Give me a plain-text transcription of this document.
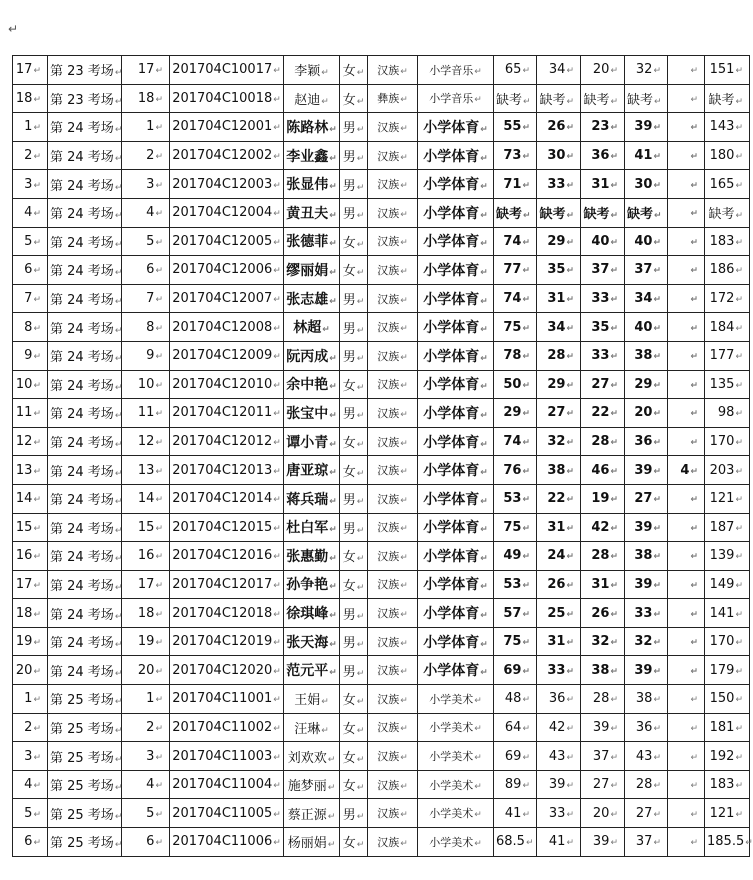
↵
17↵	第 23 考场↵	17↵	201704C10017↵	李颖↵	女↵	汉族↵	小学音乐↵	65↵	34↵	20↵	32↵	↵	151↵
18↵	第 23 考场↵	18↵	201704C10018↵	赵迪↵	女↵	彝族↵	小学音乐↵	缺考↵	缺考↵	缺考↵	缺考↵	↵	缺考↵
1↵	第 24 考场↵	1↵	201704C12001↵	陈路林↵	男↵	汉族↵	小学体育↵	55↵	26↵	23↵	39↵	↵	143↵
2↵	第 24 考场↵	2↵	201704C12002↵	李业鑫↵	男↵	汉族↵	小学体育↵	73↵	30↵	36↵	41↵	↵	180↵
3↵	第 24 考场↵	3↵	201704C12003↵	张显伟↵	男↵	汉族↵	小学体育↵	71↵	33↵	31↵	30↵	↵	165↵
4↵	第 24 考场↵	4↵	201704C12004↵	黄丑夫↵	男↵	汉族↵	小学体育↵	缺考↵	缺考↵	缺考↵	缺考↵	↵	缺考↵
5↵	第 24 考场↵	5↵	201704C12005↵	张德菲↵	女↵	汉族↵	小学体育↵	74↵	29↵	40↵	40↵	↵	183↵
6↵	第 24 考场↵	6↵	201704C12006↵	缪丽娟↵	女↵	汉族↵	小学体育↵	77↵	35↵	37↵	37↵	↵	186↵
7↵	第 24 考场↵	7↵	201704C12007↵	张志雄↵	男↵	汉族↵	小学体育↵	74↵	31↵	33↵	34↵	↵	172↵
8↵	第 24 考场↵	8↵	201704C12008↵	林超↵	男↵	汉族↵	小学体育↵	75↵	34↵	35↵	40↵	↵	184↵
9↵	第 24 考场↵	9↵	201704C12009↵	阮丙成↵	男↵	汉族↵	小学体育↵	78↵	28↵	33↵	38↵	↵	177↵
10↵	第 24 考场↵	10↵	201704C12010↵	余中艳↵	女↵	汉族↵	小学体育↵	50↵	29↵	27↵	29↵	↵	135↵
11↵	第 24 考场↵	11↵	201704C12011↵	张宝中↵	男↵	汉族↵	小学体育↵	29↵	27↵	22↵	20↵	↵	98↵
12↵	第 24 考场↵	12↵	201704C12012↵	谭小青↵	女↵	汉族↵	小学体育↵	74↵	32↵	28↵	36↵	↵	170↵
13↵	第 24 考场↵	13↵	201704C12013↵	唐亚琼↵	女↵	汉族↵	小学体育↵	76↵	38↵	46↵	39↵	4↵	203↵
14↵	第 24 考场↵	14↵	201704C12014↵	蒋兵瑞↵	男↵	汉族↵	小学体育↵	53↵	22↵	19↵	27↵	↵	121↵
15↵	第 24 考场↵	15↵	201704C12015↵	杜白军↵	男↵	汉族↵	小学体育↵	75↵	31↵	42↵	39↵	↵	187↵
16↵	第 24 考场↵	16↵	201704C12016↵	张惠勤↵	女↵	汉族↵	小学体育↵	49↵	24↵	28↵	38↵	↵	139↵
17↵	第 24 考场↵	17↵	201704C12017↵	孙争艳↵	女↵	汉族↵	小学体育↵	53↵	26↵	31↵	39↵	↵	149↵
18↵	第 24 考场↵	18↵	201704C12018↵	徐琪峰↵	男↵	汉族↵	小学体育↵	57↵	25↵	26↵	33↵	↵	141↵
19↵	第 24 考场↵	19↵	201704C12019↵	张天海↵	男↵	汉族↵	小学体育↵	75↵	31↵	32↵	32↵	↵	170↵
20↵	第 24 考场↵	20↵	201704C12020↵	范元平↵	男↵	汉族↵	小学体育↵	69↵	33↵	38↵	39↵	↵	179↵
1↵	第 25 考场↵	1↵	201704C11001↵	王娟↵	女↵	汉族↵	小学美术↵	48↵	36↵	28↵	38↵	↵	150↵
2↵	第 25 考场↵	2↵	201704C11002↵	汪琳↵	女↵	汉族↵	小学美术↵	64↵	42↵	39↵	36↵	↵	181↵
3↵	第 25 考场↵	3↵	201704C11003↵	刘欢欢↵	女↵	汉族↵	小学美术↵	69↵	43↵	37↵	43↵	↵	192↵
4↵	第 25 考场↵	4↵	201704C11004↵	施梦丽↵	女↵	汉族↵	小学美术↵	89↵	39↵	27↵	28↵	↵	183↵
5↵	第 25 考场↵	5↵	201704C11005↵	蔡正源↵	男↵	汉族↵	小学美术↵	41↵	33↵	20↵	27↵	↵	121↵
6↵	第 25 考场↵	6↵	201704C11006↵	杨丽娟↵	女↵	汉族↵	小学美术↵	68.5↵	41↵	39↵	37↵	↵	185.5↵
